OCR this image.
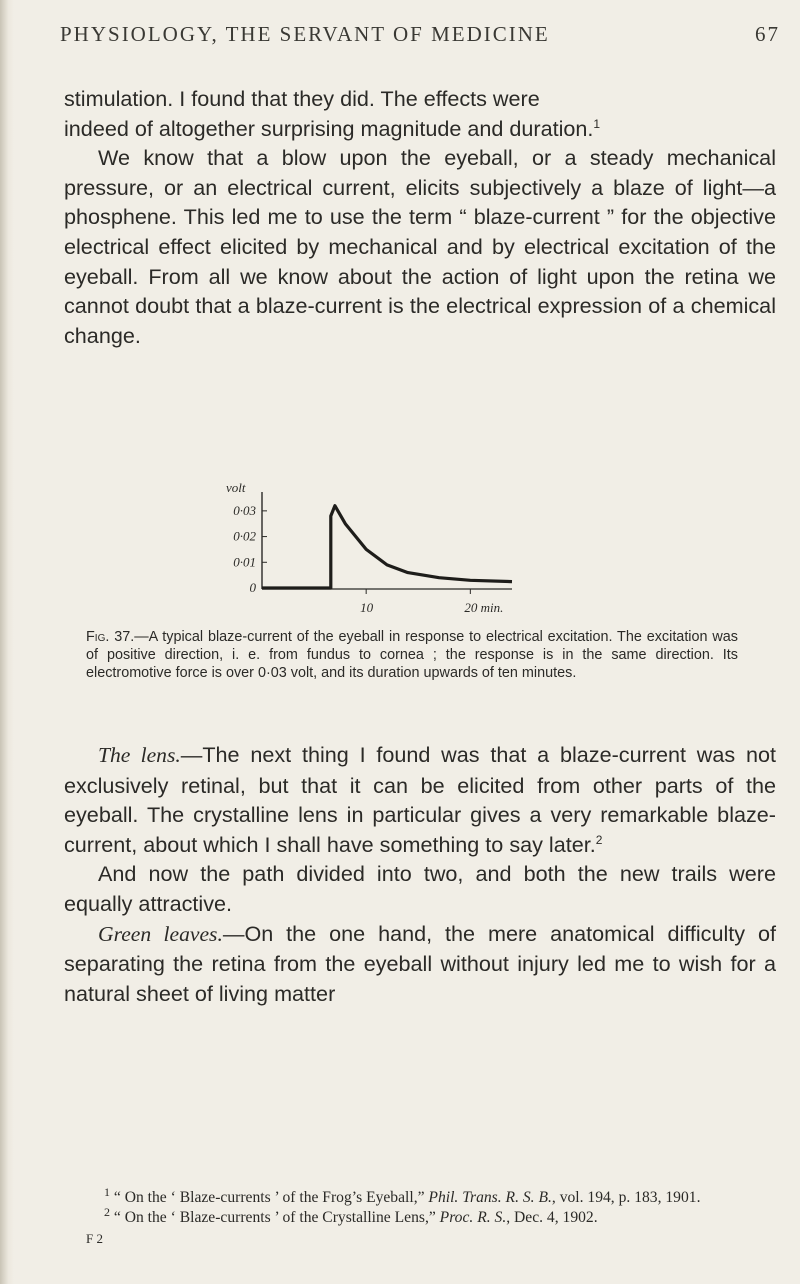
PHYSIOLOGY, THE SERVANT OF MEDICINE	67

stimulation. I found that they did. The effects were

indeed of altogether surprising magnitude and duration.$^1$

We know that a blow upon the eyeball, or a steady mechanical pressure, or an electrical current, elicits subjectively a blaze of light—a phosphene. This led me to use the term “ blaze-current ” for the objective electrical effect elicited by mechanical and by electrical excitation of the eyeball. From all we know about the action of light upon the retina we cannot doubt that a blaze-current is the electrical expression of a chemical change.

volt
0·03
0·02
0·01
0
10	20 min.
Fig. 37.—A typical blaze-current of the eyeball in response to electrical excitation. The excitation was of positive direction, i. e. from fundus to cornea ; the response is in the same direction. Its electromotive force is over 0·03 volt, and its duration upwards of ten minutes.

The lens.—The next thing I found was that a blaze-current was not exclusively retinal, but that it can be elicited from other parts of the eyeball. The crystalline lens in particular gives a very remarkable blaze-current, about which I shall have something to say later.$^2$

And now the path divided into two, and both the new trails were equally attractive.

Green leaves.—On the one hand, the mere anatomical difficulty of separating the retina from the eyeball without injury led me to wish for a natural sheet of living matter

$^1$ “ On the ‘ Blaze-currents ’ of the Frog’s Eyeball,” Phil. Trans. R. S. B., vol. 194, p. 183, 1901.

$^2$ “ On the ‘ Blaze-currents ’ of the Crystalline Lens,” Proc. R. S., Dec. 4, 1902.

F 2
